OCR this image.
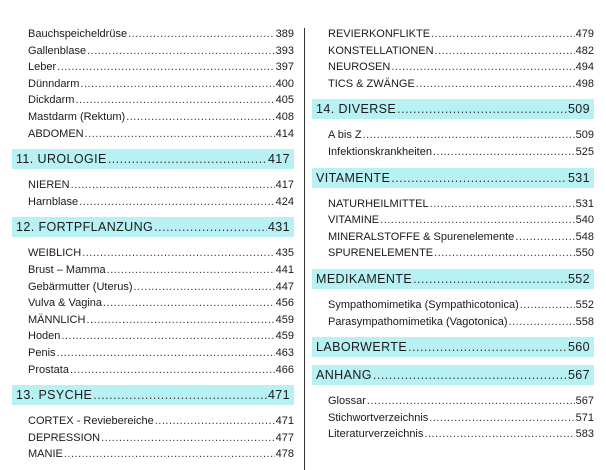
Bauchspeicheldrüse .....	389
Gallenblase .....	393
Leber .....	397
Dünndarm .....	400
Dickdarm .....	405
Mastdarm (Rektum) .....	408
ABDOMEN .....	414
11. UROLOGIE .....	417
NIEREN .....	417
Harnblase .....	424
12. FORTPFLANZUNG .....	431
WEIBLICH .....	435
Brust – Mamma .....	441
Gebärmutter (Uterus) .....	447
Vulva & Vagina .....	456
MÄNNLICH .....	459
Hoden .....	459
Penis .....	463
Prostata .....	466
13. PSYCHE .....	471
CORTEX - Reviebereiche .....	471
DEPRESSION .....	477
MANIE .....	478
REVIERKONFLIKTE .....	479
KONSTELLATIONEN .....	482
NEUROSEN .....	494
TICS & ZWÄNGE .....	498
14. DIVERSE .....	509
A bis Z .....	509
Infektionskrankheiten .....	525
VITAMENTE .....	531
NATURHEILMITTEL .....	531
VITAMINE .....	540
MINERALSTOFFE & Spurenelemente .....	548
SPURENELEMENTE .....	550
MEDIKAMENTE .....	552
Sympathomimetika (Sympathicotonica) .....	552
Parasympathomimetika (Vagotonica) .....	558
LABORWERTE .....	560
ANHANG .....	567
Glossar .....	567
Stichwortverzeichnis .....	571
Literaturverzeichnis .....	583
